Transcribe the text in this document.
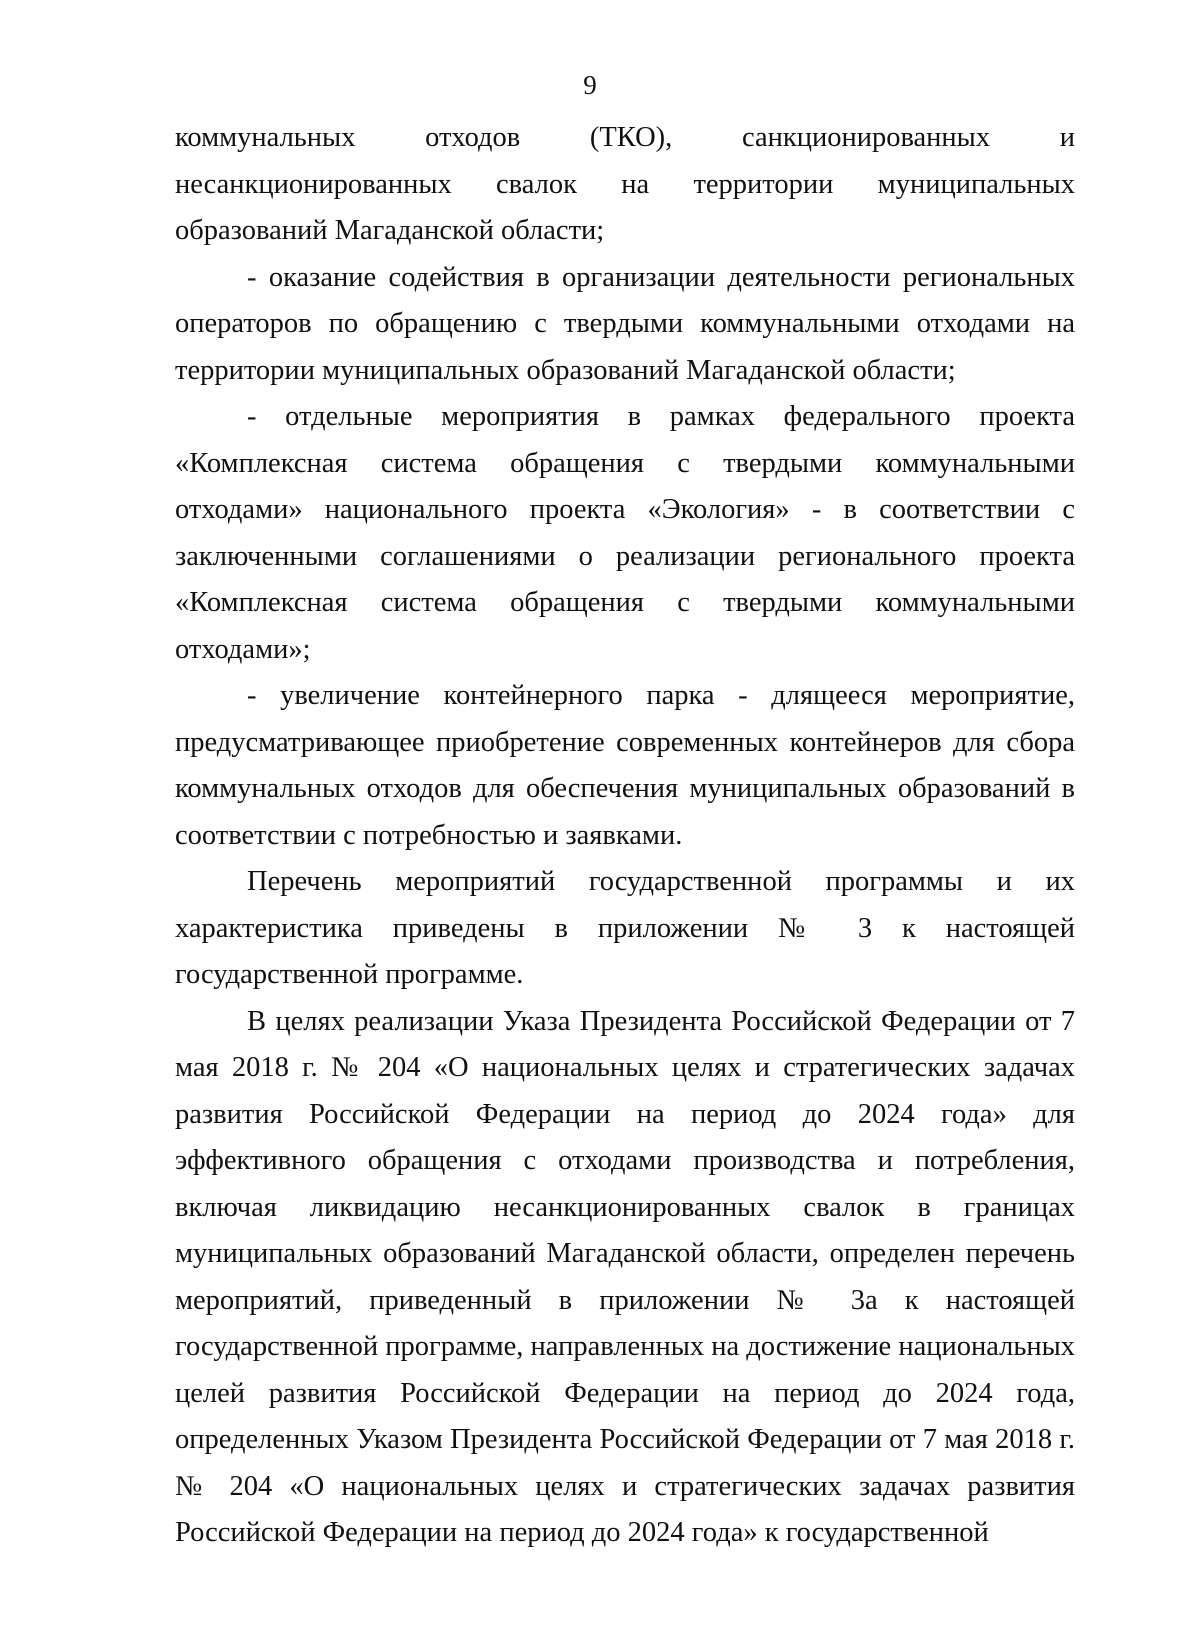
9

коммунальных отходов (ТКО), санкционированных и несанкционированных свалок на территории муниципальных образований Магаданской области;

- оказание содействия в организации деятельности региональных операторов по обращению с твердыми коммунальными отходами на территории муниципальных образований Магаданской области;

- отдельные мероприятия в рамках федерального проекта «Комплексная система обращения с твердыми коммунальными отходами» национального проекта «Экология» - в соответствии с заключенными соглашениями о реализации регионального проекта «Комплексная система обращения с твердыми коммунальными отходами»;

- увеличение контейнерного парка - длящееся мероприятие, предусматривающее приобретение современных контейнеров для сбора коммунальных отходов для обеспечения муниципальных образований в соответствии с потребностью и заявками.

Перечень мероприятий государственной программы и их характеристика приведены в приложении № 3 к настоящей государственной программе.

В целях реализации Указа Президента Российской Федерации от 7 мая 2018 г. № 204 «О национальных целях и стратегических задачах развития Российской Федерации на период до 2024 года» для эффективного обращения с отходами производства и потребления, включая ликвидацию несанкционированных свалок в границах муниципальных образований Магаданской области, определен перечень мероприятий, приведенный в приложении № 3а к настоящей государственной программе, направленных на достижение национальных целей развития Российской Федерации на период до 2024 года, определенных Указом Президента Российской Федерации от 7 мая 2018 г. № 204 «О национальных целях и стратегических задачах развития Российской Федерации на период до 2024 года» к государственной
